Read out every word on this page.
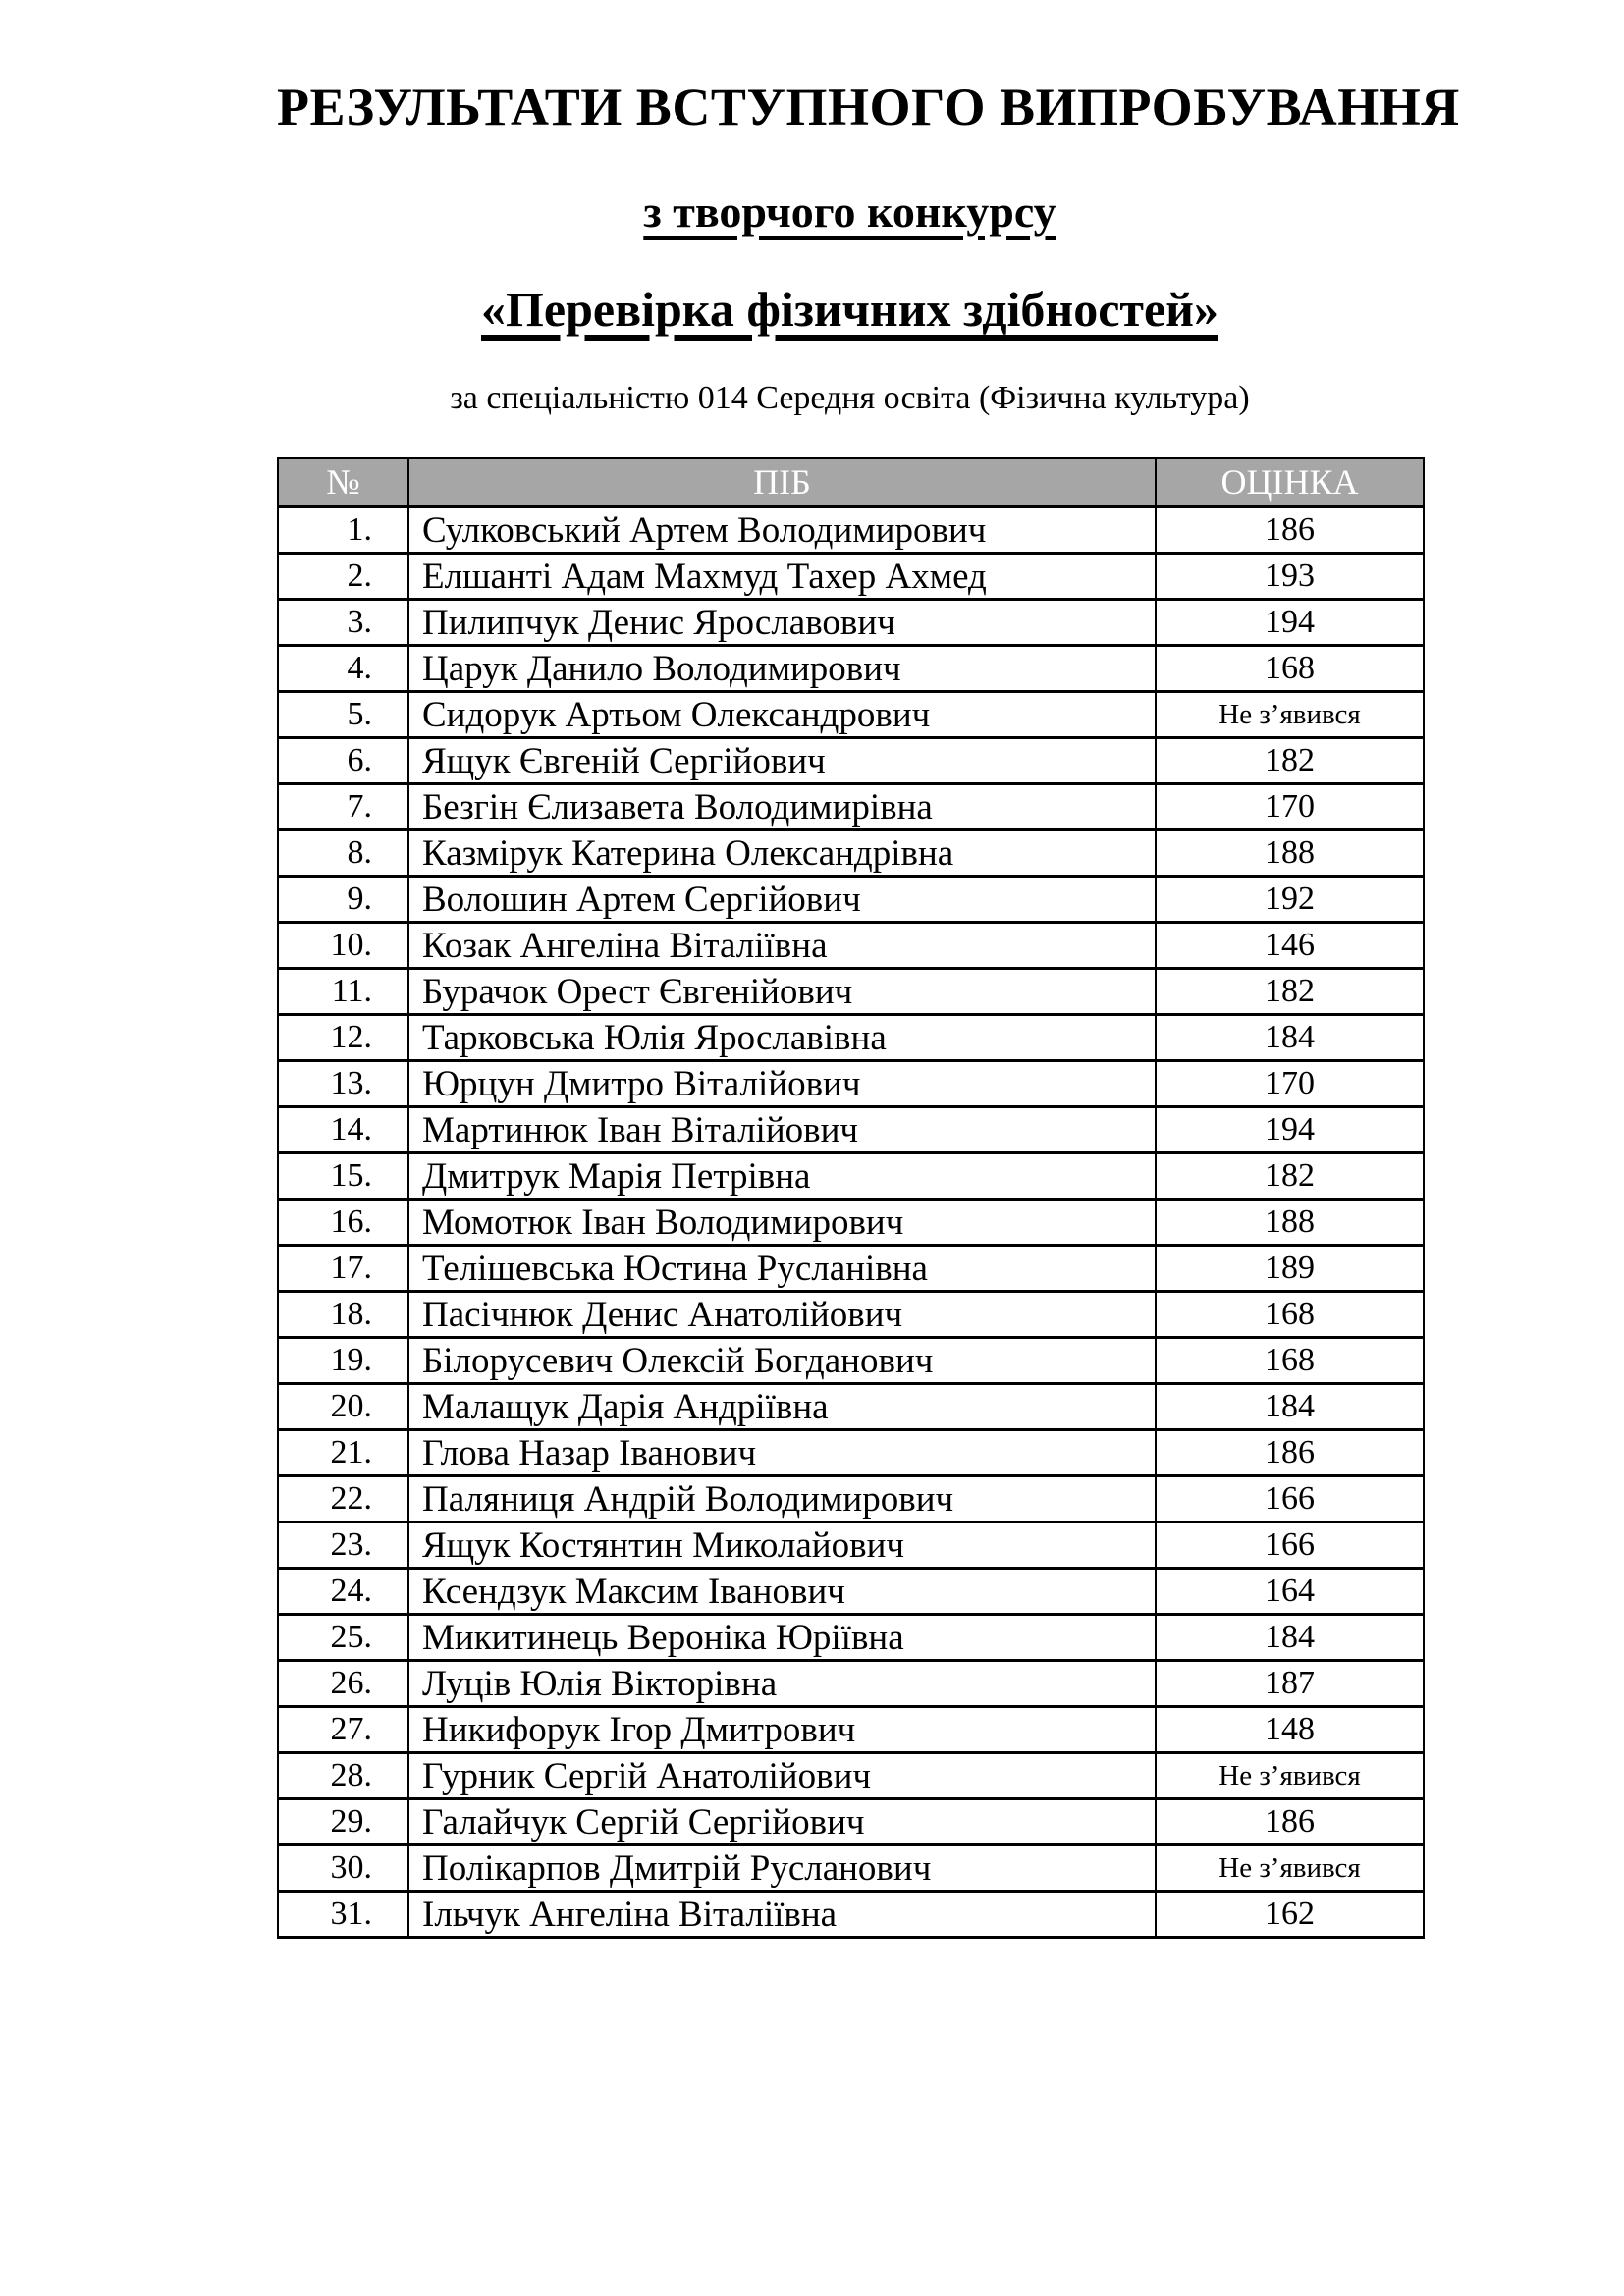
РЕЗУЛЬТАТИ ВСТУПНОГО ВИПРОБУВАННЯ
з творчого конкурсу
«Перевірка фізичних здібностей»

за спеціальністю 014 Середня освіта (Фізична культура)

№	ПІБ	ОЦІНКА
1.	Сулковський Артем Володимирович	186
2.	Елшанті Адам Махмуд Тахер Ахмед	193
3.	Пилипчук Денис Ярославович	194
4.	Царук Данило Володимирович	168
5.	Сидорук Артьом Олександрович	Не з’явився
6.	Ящук Євгеній Сергійович	182
7.	Безгін Єлизавета Володимирівна	170
8.	Казмірук Катерина Олександрівна	188
9.	Волошин Артем Сергійович	192
10.	Козак Ангеліна Віталіївна	146
11.	Бурачок Орест Євгенійович	182
12.	Тарковська Юлія Ярославівна	184
13.	Юрцун Дмитро Віталійович	170
14.	Мартинюк Іван Віталійович	194
15.	Дмитрук Марія Петрівна	182
16.	Момотюк Іван Володимирович	188
17.	Телішевська Юстина Русланівна	189
18.	Пасічнюк Денис Анатолійович	168
19.	Білорусевич Олексій Богданович	168
20.	Малащук Дарія Андріївна	184
21.	Глова Назар Іванович	186
22.	Паляниця Андрій Володимирович	166
23.	Ящук Костянтин Миколайович	166
24.	Ксендзук Максим Іванович	164
25.	Микитинець Вероніка Юріївна	184
26.	Луців Юлія Вікторівна	187
27.	Никифорук Ігор Дмитрович	148
28.	Гурник Сергій Анатолійович	Не з’явився
29.	Галайчук Сергій Сергійович	186
30.	Полікарпов Дмитрій Русланович	Не з’явився
31.	Ільчук Ангеліна Віталіївна	162
